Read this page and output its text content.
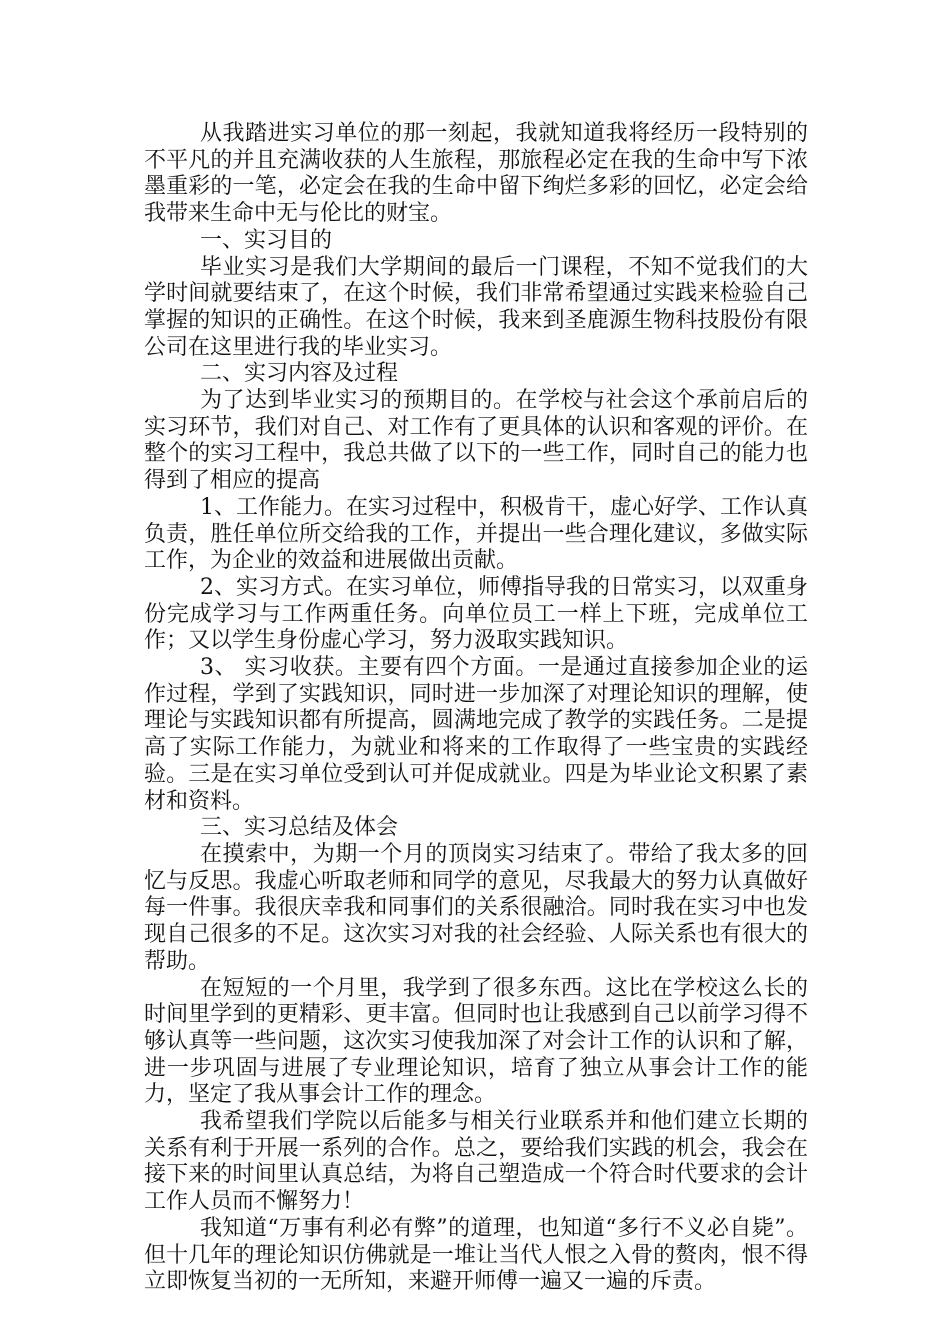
从我踏进实习单位的那一刻起，我就知道我将经历一段特别的不平凡的并且充满收获的人生旅程，那旅程必定在我的生命中写下浓墨重彩的一笔，必定会在我的生命中留下绚烂多彩的回忆，必定会给我带来生命中无与伦比的财宝。

一、实习目的

毕业实习是我们大学期间的最后一门课程，不知不觉我们的大学时间就要结束了，在这个时候，我们非常希望通过实践来检验自己掌握的知识的正确性。在这个时候，我来到圣鹿源生物科技股份有限公司在这里进行我的毕业实习。

二、实习内容及过程

为了达到毕业实习的预期目的。在学校与社会这个承前启后的实习环节，我们对自己、对工作有了更具体的认识和客观的评价。在整个的实习工程中，我总共做了以下的一些工作，同时自己的能力也得到了相应的提高

1、工作能力。在实习过程中，积极肯干，虚心好学、工作认真负责，胜任单位所交给我的工作，并提出一些合理化建议，多做实际工作，为企业的效益和进展做出贡献。

2、实习方式。在实习单位，师傅指导我的日常实习，以双重身份完成学习与工作两重任务。向单位员工一样上下班，完成单位工作；又以学生身份虚心学习，努力汲取实践知识。

3、 实习收获。主要有四个方面。一是通过直接参加企业的运作过程，学到了实践知识，同时进一步加深了对理论知识的理解，使理论与实践知识都有所提高，圆满地完成了教学的实践任务。二是提高了实际工作能力，为就业和将来的工作取得了一些宝贵的实践经验。三是在实习单位受到认可并促成就业。四是为毕业论文积累了素材和资料。

三、实习总结及体会

在摸索中，为期一个月的顶岗实习结束了。带给了我太多的回忆与反思。我虚心听取老师和同学的意见，尽我最大的努力认真做好每一件事。我很庆幸我和同事们的关系很融洽。同时我在实习中也发现自己很多的不足。这次实习对我的社会经验、人际关系也有很大的帮助。

在短短的一个月里，我学到了很多东西。这比在学校这么长的时间里学到的更精彩、更丰富。但同时也让我感到自己以前学习得不够认真等一些问题，这次实习使我加深了对会计工作的认识和了解，进一步巩固与进展了专业理论知识，培育了独立从事会计工作的能力，坚定了我从事会计工作的理念。

我希望我们学院以后能多与相关行业联系并和他们建立长期的关系有利于开展一系列的合作。总之，要给我们实践的机会，我会在接下来的时间里认真总结，为将自己塑造成一个符合时代要求的会计工作人员而不懈努力！

我知道“万事有利必有弊”的道理，也知道“多行不义必自毙”。但十几年的理论知识仿佛就是一堆让当代人恨之入骨的赘肉，恨不得立即恢复当初的一无所知，来避开师傅一遍又一遍的斥责。
